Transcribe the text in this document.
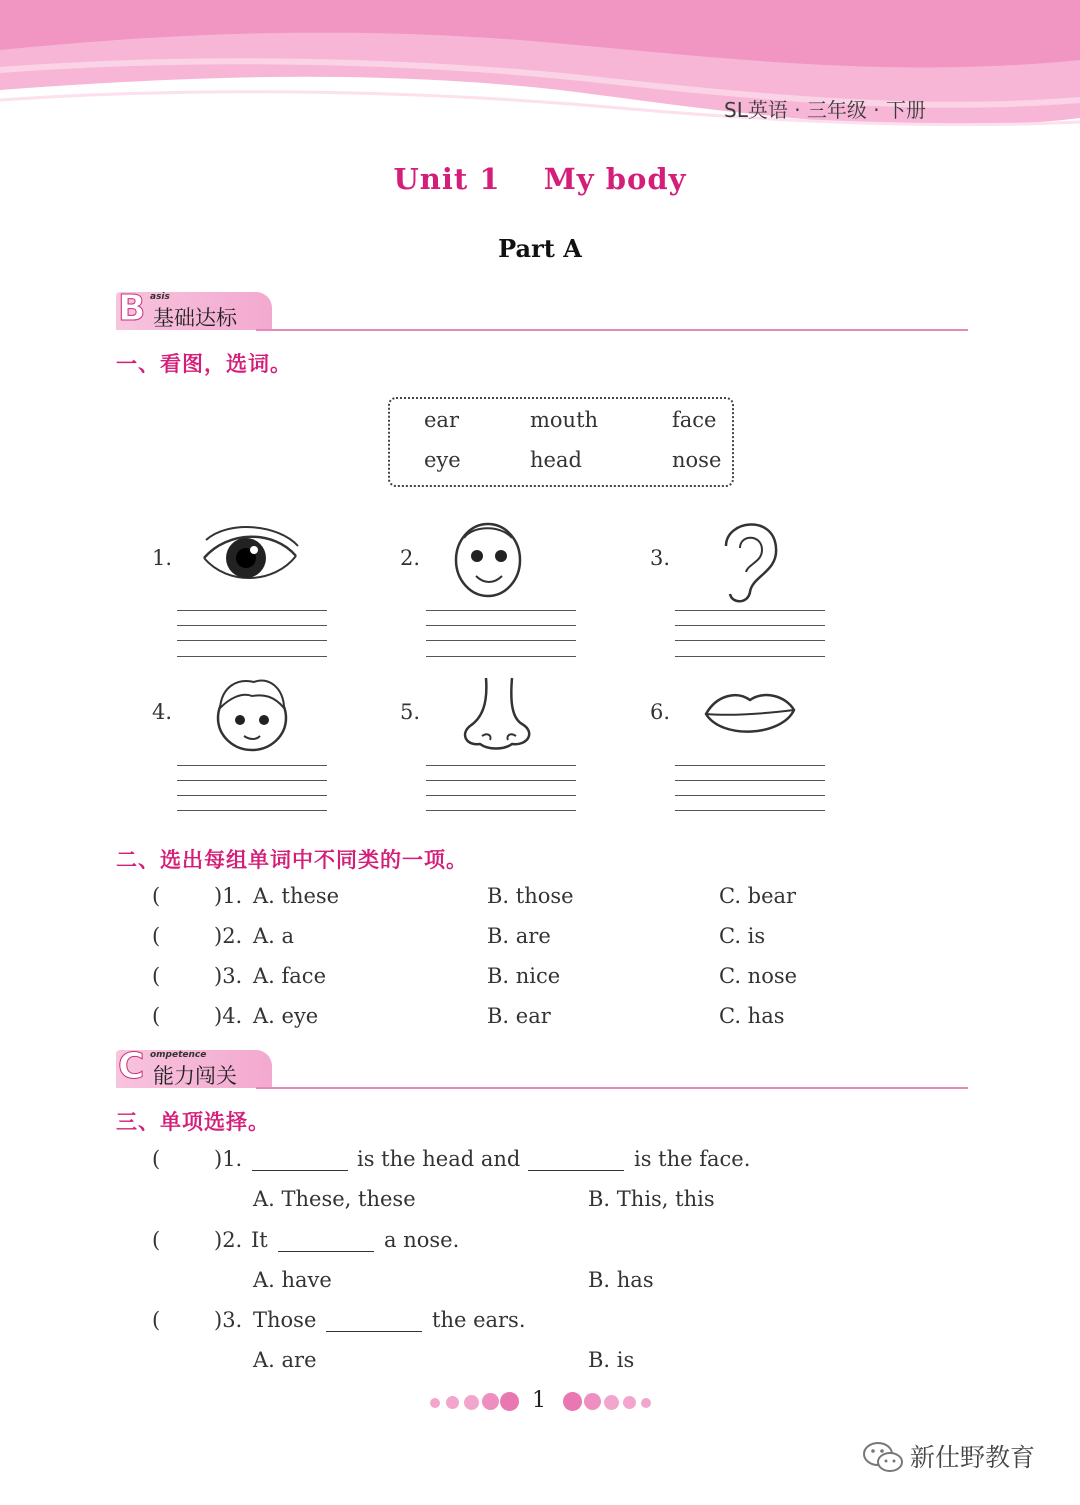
SL英语 · 三年级 · 下册
Unit 1 My body
Part A
B asis
基础达标
一、看图，选词。
ear	mouth	face
eye	head	nose
1.	2.	3.
4.	5.	6.
二、选出每组单词中不同类的一项。
(	)1. A. these	B. those	C. bear
(	)2. A. a	B. are	C. is
(	)3. A. face	B. nice	C. nose
(	)4. A. eye	B. ear	C. has
C ompetence
能力闯关
三、单项选择。
(	)1.	is the head and	is the face.
A. These, these	B. This, this
(	)2. It	a nose.
A. have	B. has
(	)3. Those	the ears.
A. are	B. is
1
新仕野教育
